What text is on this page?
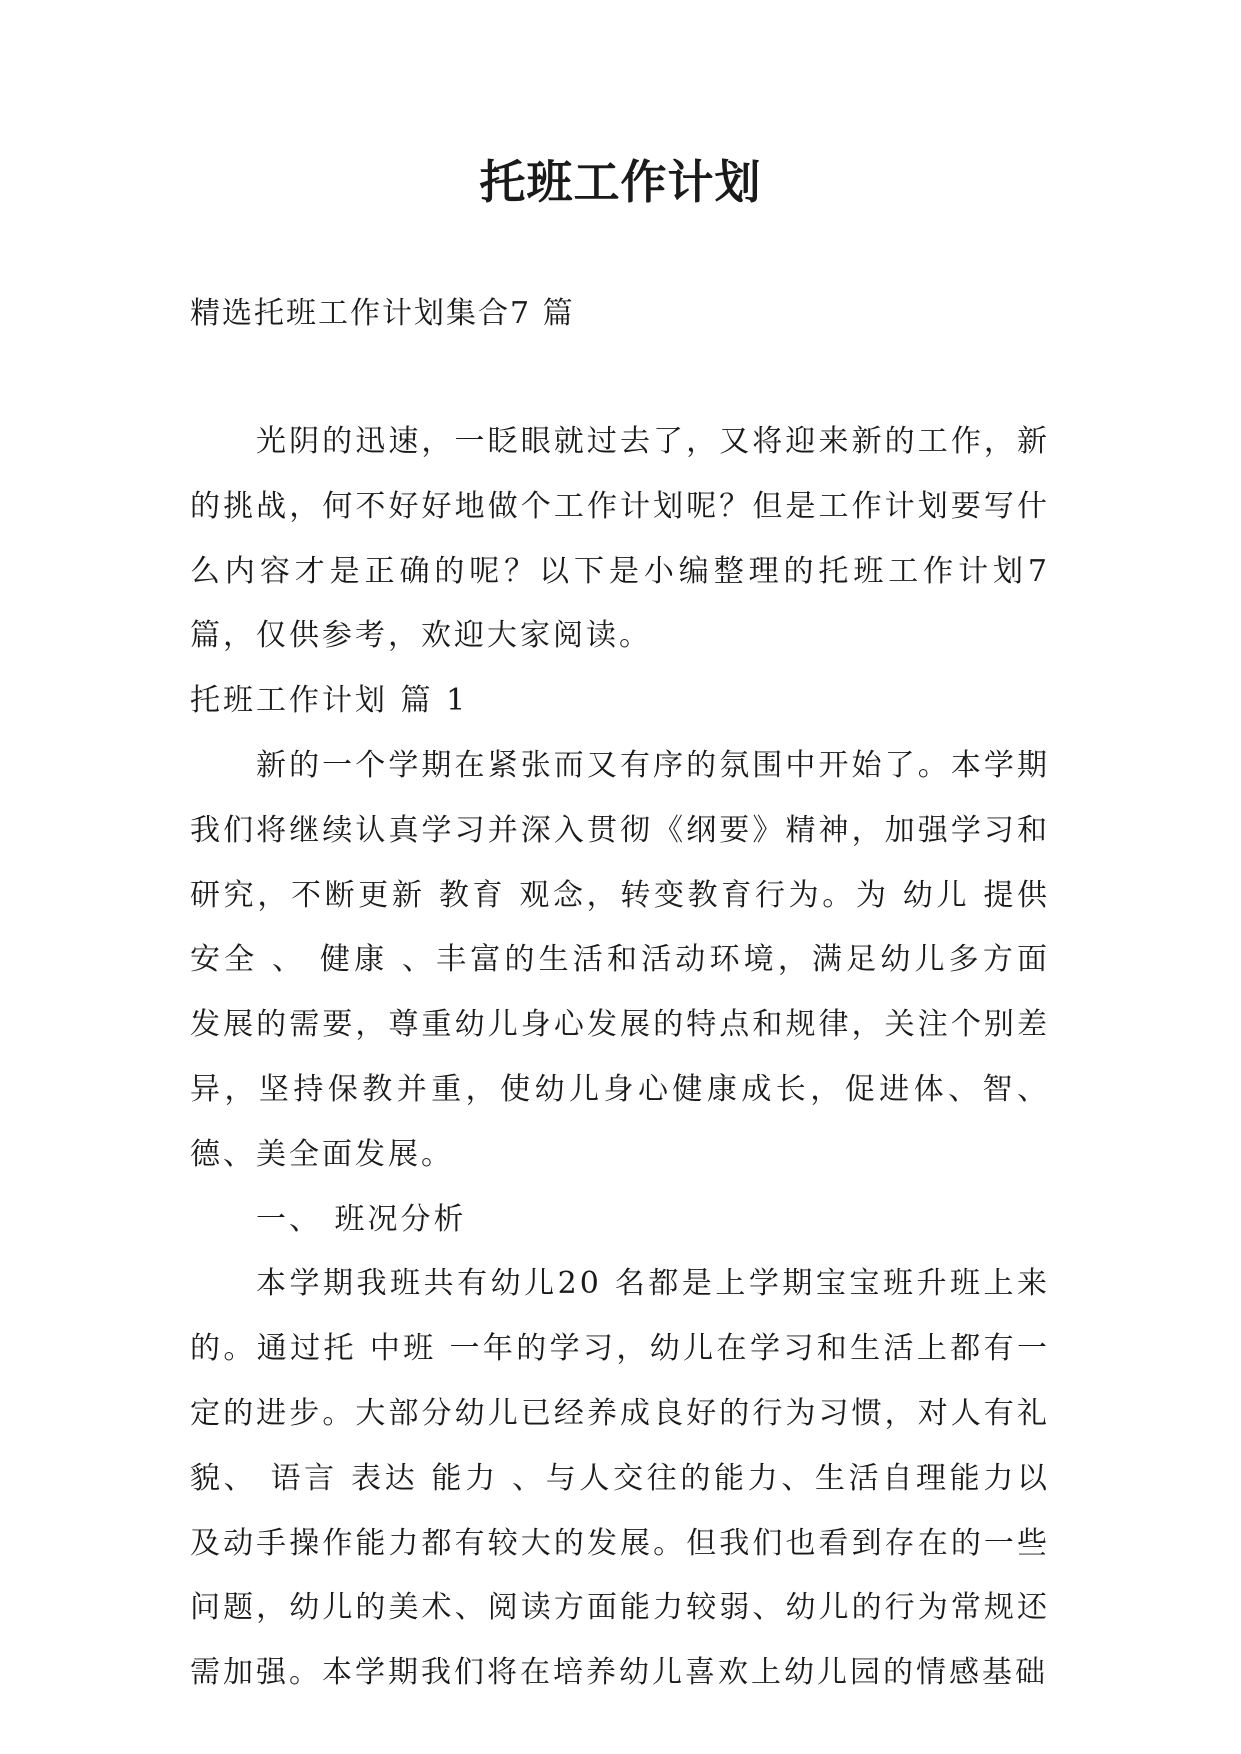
托班工作计划

精选托班工作计划集合7 篇

光阴的迅速，一眨眼就过去了，又将迎来新的工作，新的挑战，何不好好地做个工作计划呢？但是工作计划要写什么内容才是正确的呢？以下是小编整理的托班工作计划7篇，仅供参考，欢迎大家阅读。

托班工作计划 篇 1

新的一个学期在紧张而又有序的氛围中开始了。本学期我们将继续认真学习并深入贯彻《纲要》精神，加强学习和研究，不断更新 教育 观念，转变教育行为。为 幼儿 提供安全 、 健康 、丰富的生活和活动环境，满足幼儿多方面发展的需要，尊重幼儿身心发展的特点和规律，关注个别差异，坚持保教并重，使幼儿身心健康成长，促进体、智、德、美全面发展。

一、 班况分析

本学期我班共有幼儿20 名都是上学期宝宝班升班上来的。通过托 中班 一年的学习，幼儿在学习和生活上都有一定的进步。大部分幼儿已经养成良好的行为习惯，对人有礼貌、 语言 表达 能力 、与人交往的能力、生活自理能力以及动手操作能力都有较大的发展。但我们也看到存在的一些问题，幼儿的美术、阅读方面能力较弱、幼儿的行为常规还需加强。本学期我们将在培养幼儿喜欢上幼儿园的情感基础
